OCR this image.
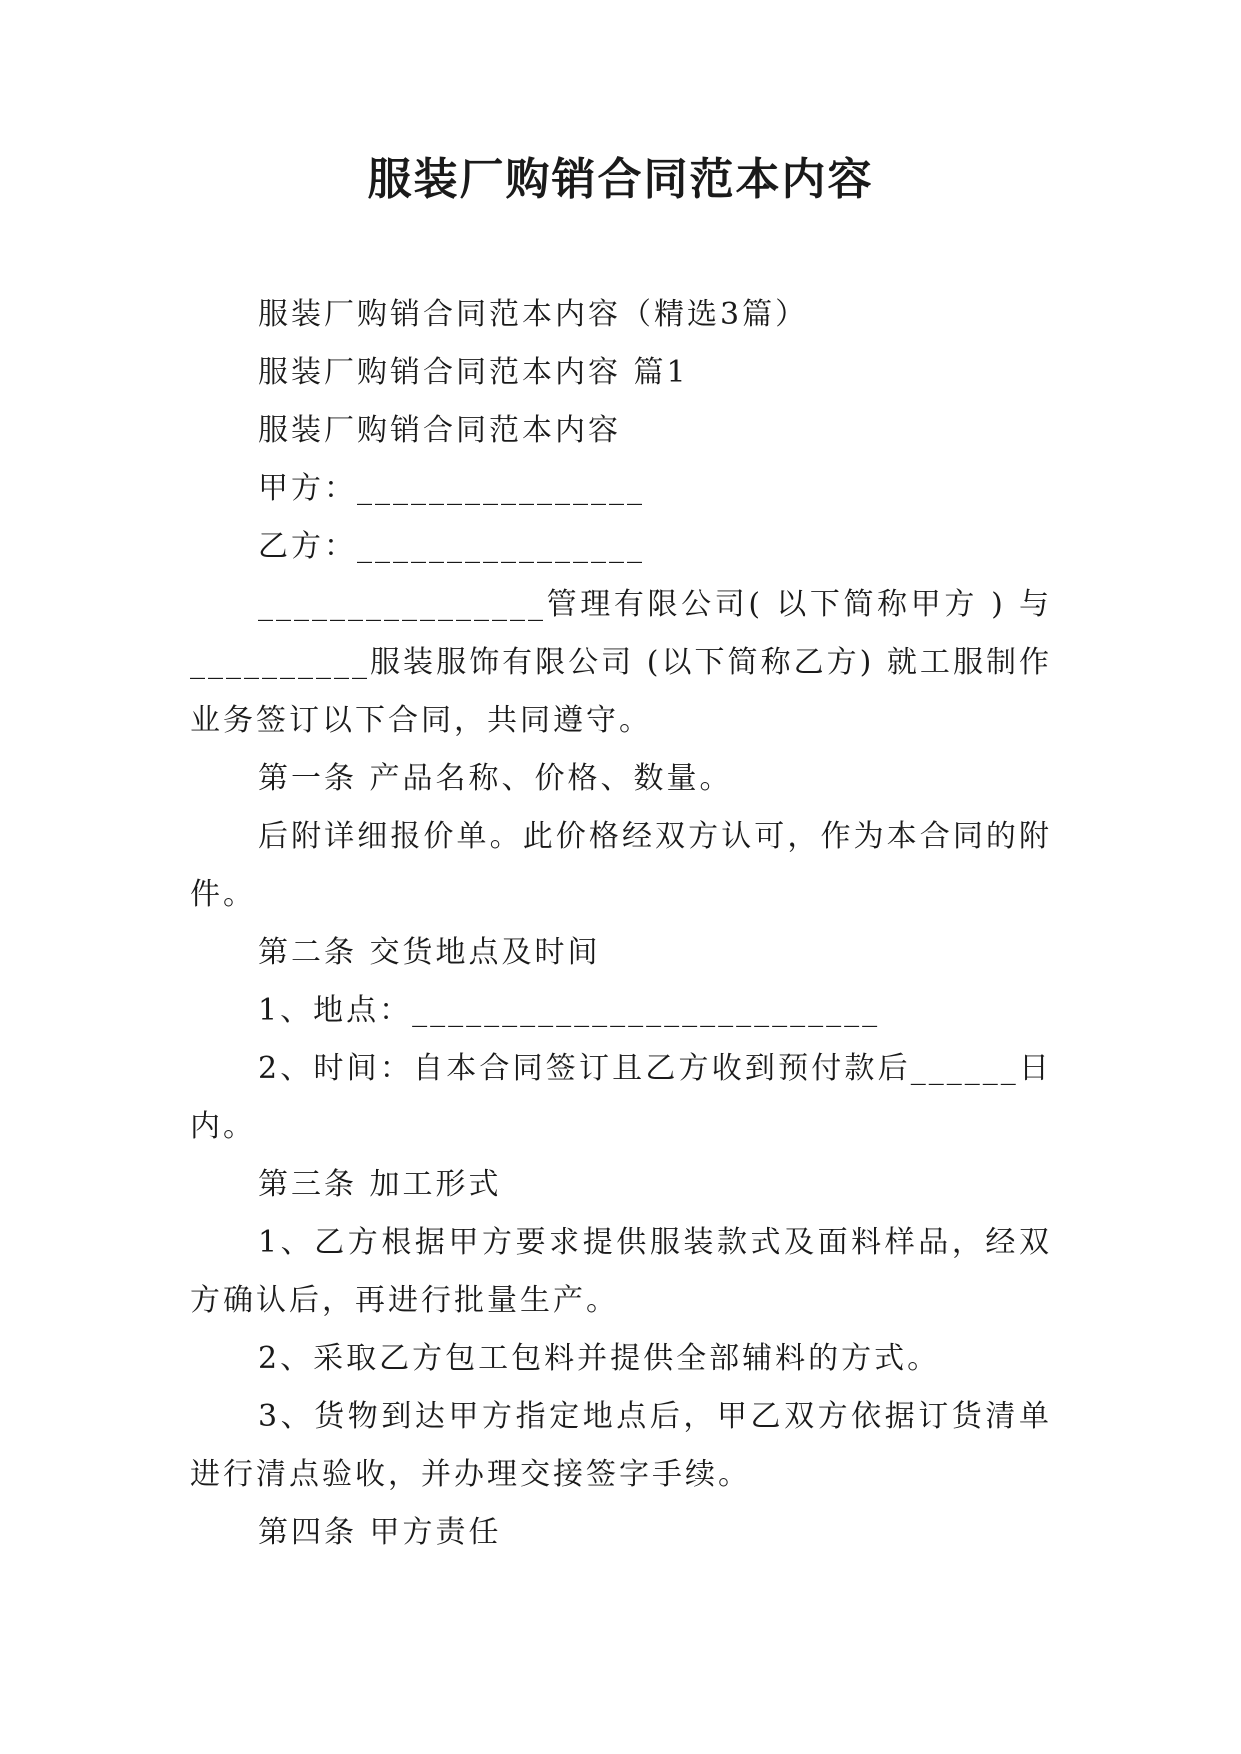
服装厂购销合同范本内容

服装厂购销合同范本内容（精选3篇）

服装厂购销合同范本内容 篇1

服装厂购销合同范本内容

甲方：________________

乙方：________________

________________管理有限公司( 以下简称甲方 ) 与__________服装服饰有限公司 (以下简称乙方) 就工服制作业务签订以下合同，共同遵守。

第一条 产品名称、价格、数量。

后附详细报价单。此价格经双方认可，作为本合同的附件。

第二条 交货地点及时间

1、地点：__________________________

2、时间：自本合同签订且乙方收到预付款后______日内。

第三条 加工形式

1、乙方根据甲方要求提供服装款式及面料样品，经双方确认后，再进行批量生产。

2、采取乙方包工包料并提供全部辅料的方式。

3、货物到达甲方指定地点后，甲乙双方依据订货清单进行清点验收，并办理交接签字手续。

第四条 甲方责任
